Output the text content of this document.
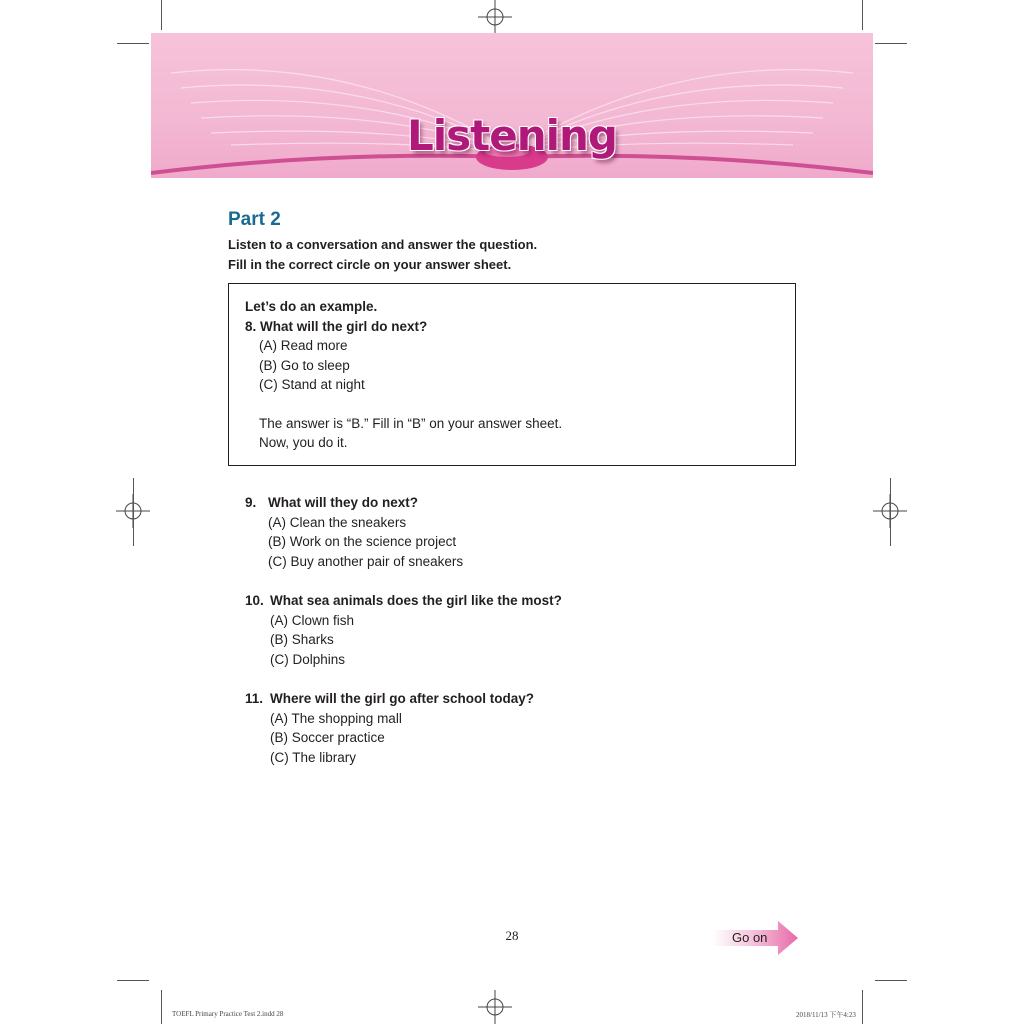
Listening
Part 2
Listen to a conversation and answer the question.
Fill in the correct circle on your answer sheet.
Let’s do an example.
8. What will the girl do next?
(A) Read more
(B) Go to sleep
(C) Stand at night
The answer is “B.” Fill in “B” on your answer sheet.
Now, you do it.
9. What will they do next?
(A) Clean the sneakers
(B) Work on the science project
(C) Buy another pair of sneakers
10. What sea animals does the girl like the most?
(A) Clown fish
(B) Sharks
(C) Dolphins
11. Where will the girl go after school today?
(A) The shopping mall
(B) Soccer practice
(C) The library
28	Go on
TOEFL Primary Practice Test 2.indd 28	2018/11/13 下午4:23
